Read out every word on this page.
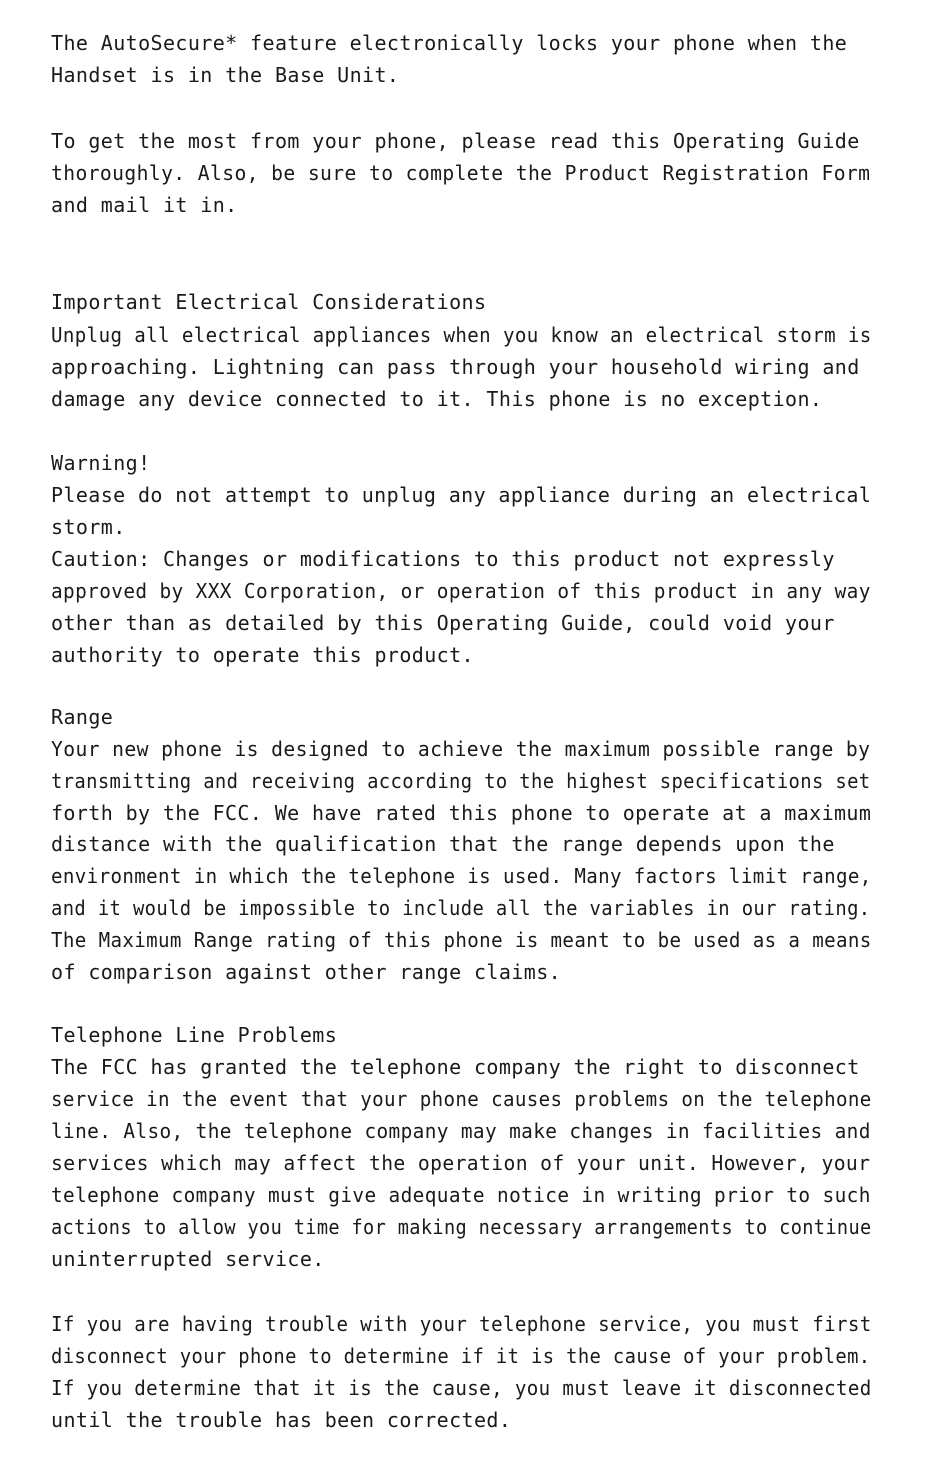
The AutoSecure* feature electronically locks your phone when the
Handset is in the Base Unit.
To get the most from your phone, please read this Operating Guide
thoroughly. Also, be sure to complete the Product Registration Form
and mail it in.
Important Electrical Considerations
Unplug all electrical appliances when you know an electrical storm is
approaching. Lightning can pass through your household wiring and
damage any device connected to it. This phone is no exception.
Warning!
Please do not attempt to unplug any appliance during an electrical
storm.
Caution: Changes or modifications to this product not expressly
approved by XXX Corporation, or operation of this product in any way
other than as detailed by this Operating Guide, could void your
authority to operate this product.
Range
Your new phone is designed to achieve the maximum possible range by
transmitting and receiving according to the highest specifications set
forth by the FCC. We have rated this phone to operate at a maximum
distance with the qualification that the range depends upon the
environment in which the telephone is used. Many factors limit range,
and it would be impossible to include all the variables in our rating.
The Maximum Range rating of this phone is meant to be used as a means
of comparison against other range claims.
Telephone Line Problems
The FCC has granted the telephone company the right to disconnect
service in the event that your phone causes problems on the telephone
line. Also, the telephone company may make changes in facilities and
services which may affect the operation of your unit. However, your
telephone company must give adequate notice in writing prior to such
actions to allow you time for making necessary arrangements to continue
uninterrupted service.
If you are having trouble with your telephone service, you must first
disconnect your phone to determine if it is the cause of your problem.
If you determine that it is the cause, you must leave it disconnected
until the trouble has been corrected.
